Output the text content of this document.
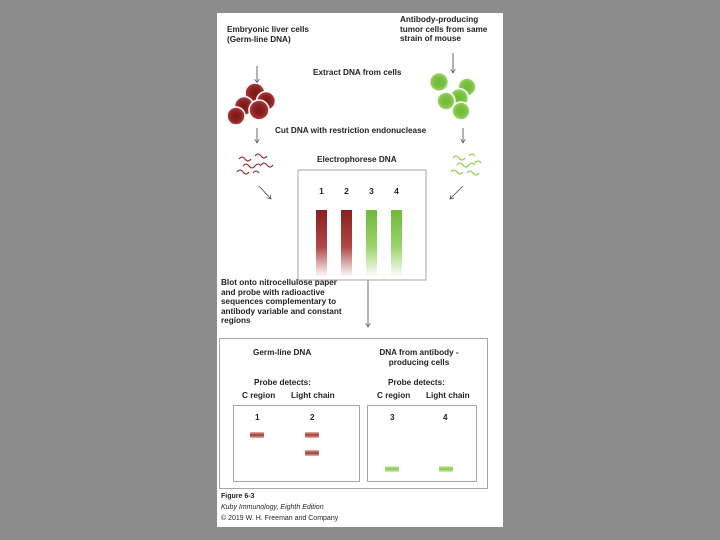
Embryonic liver cells
(Germ-line DNA)
Antibody-producing
tumor cells from same
strain of mouse
Extract DNA from cells
Cut DNA with restriction endonuclease
Electrophorese DNA
1	2	3	4
Blot onto nitrocellulose paper
and probe with radioactive
sequences complementary to
antibody variable and constant
regions
Germ-line DNA
Probe detects:
C region Light chain
1	2
DNA from antibody -
producing cells
Probe detects:
C region Light chain
3	4
Figure 6-3
Kuby Immunology, Eighth Edition
© 2019 W. H. Freeman and Company
